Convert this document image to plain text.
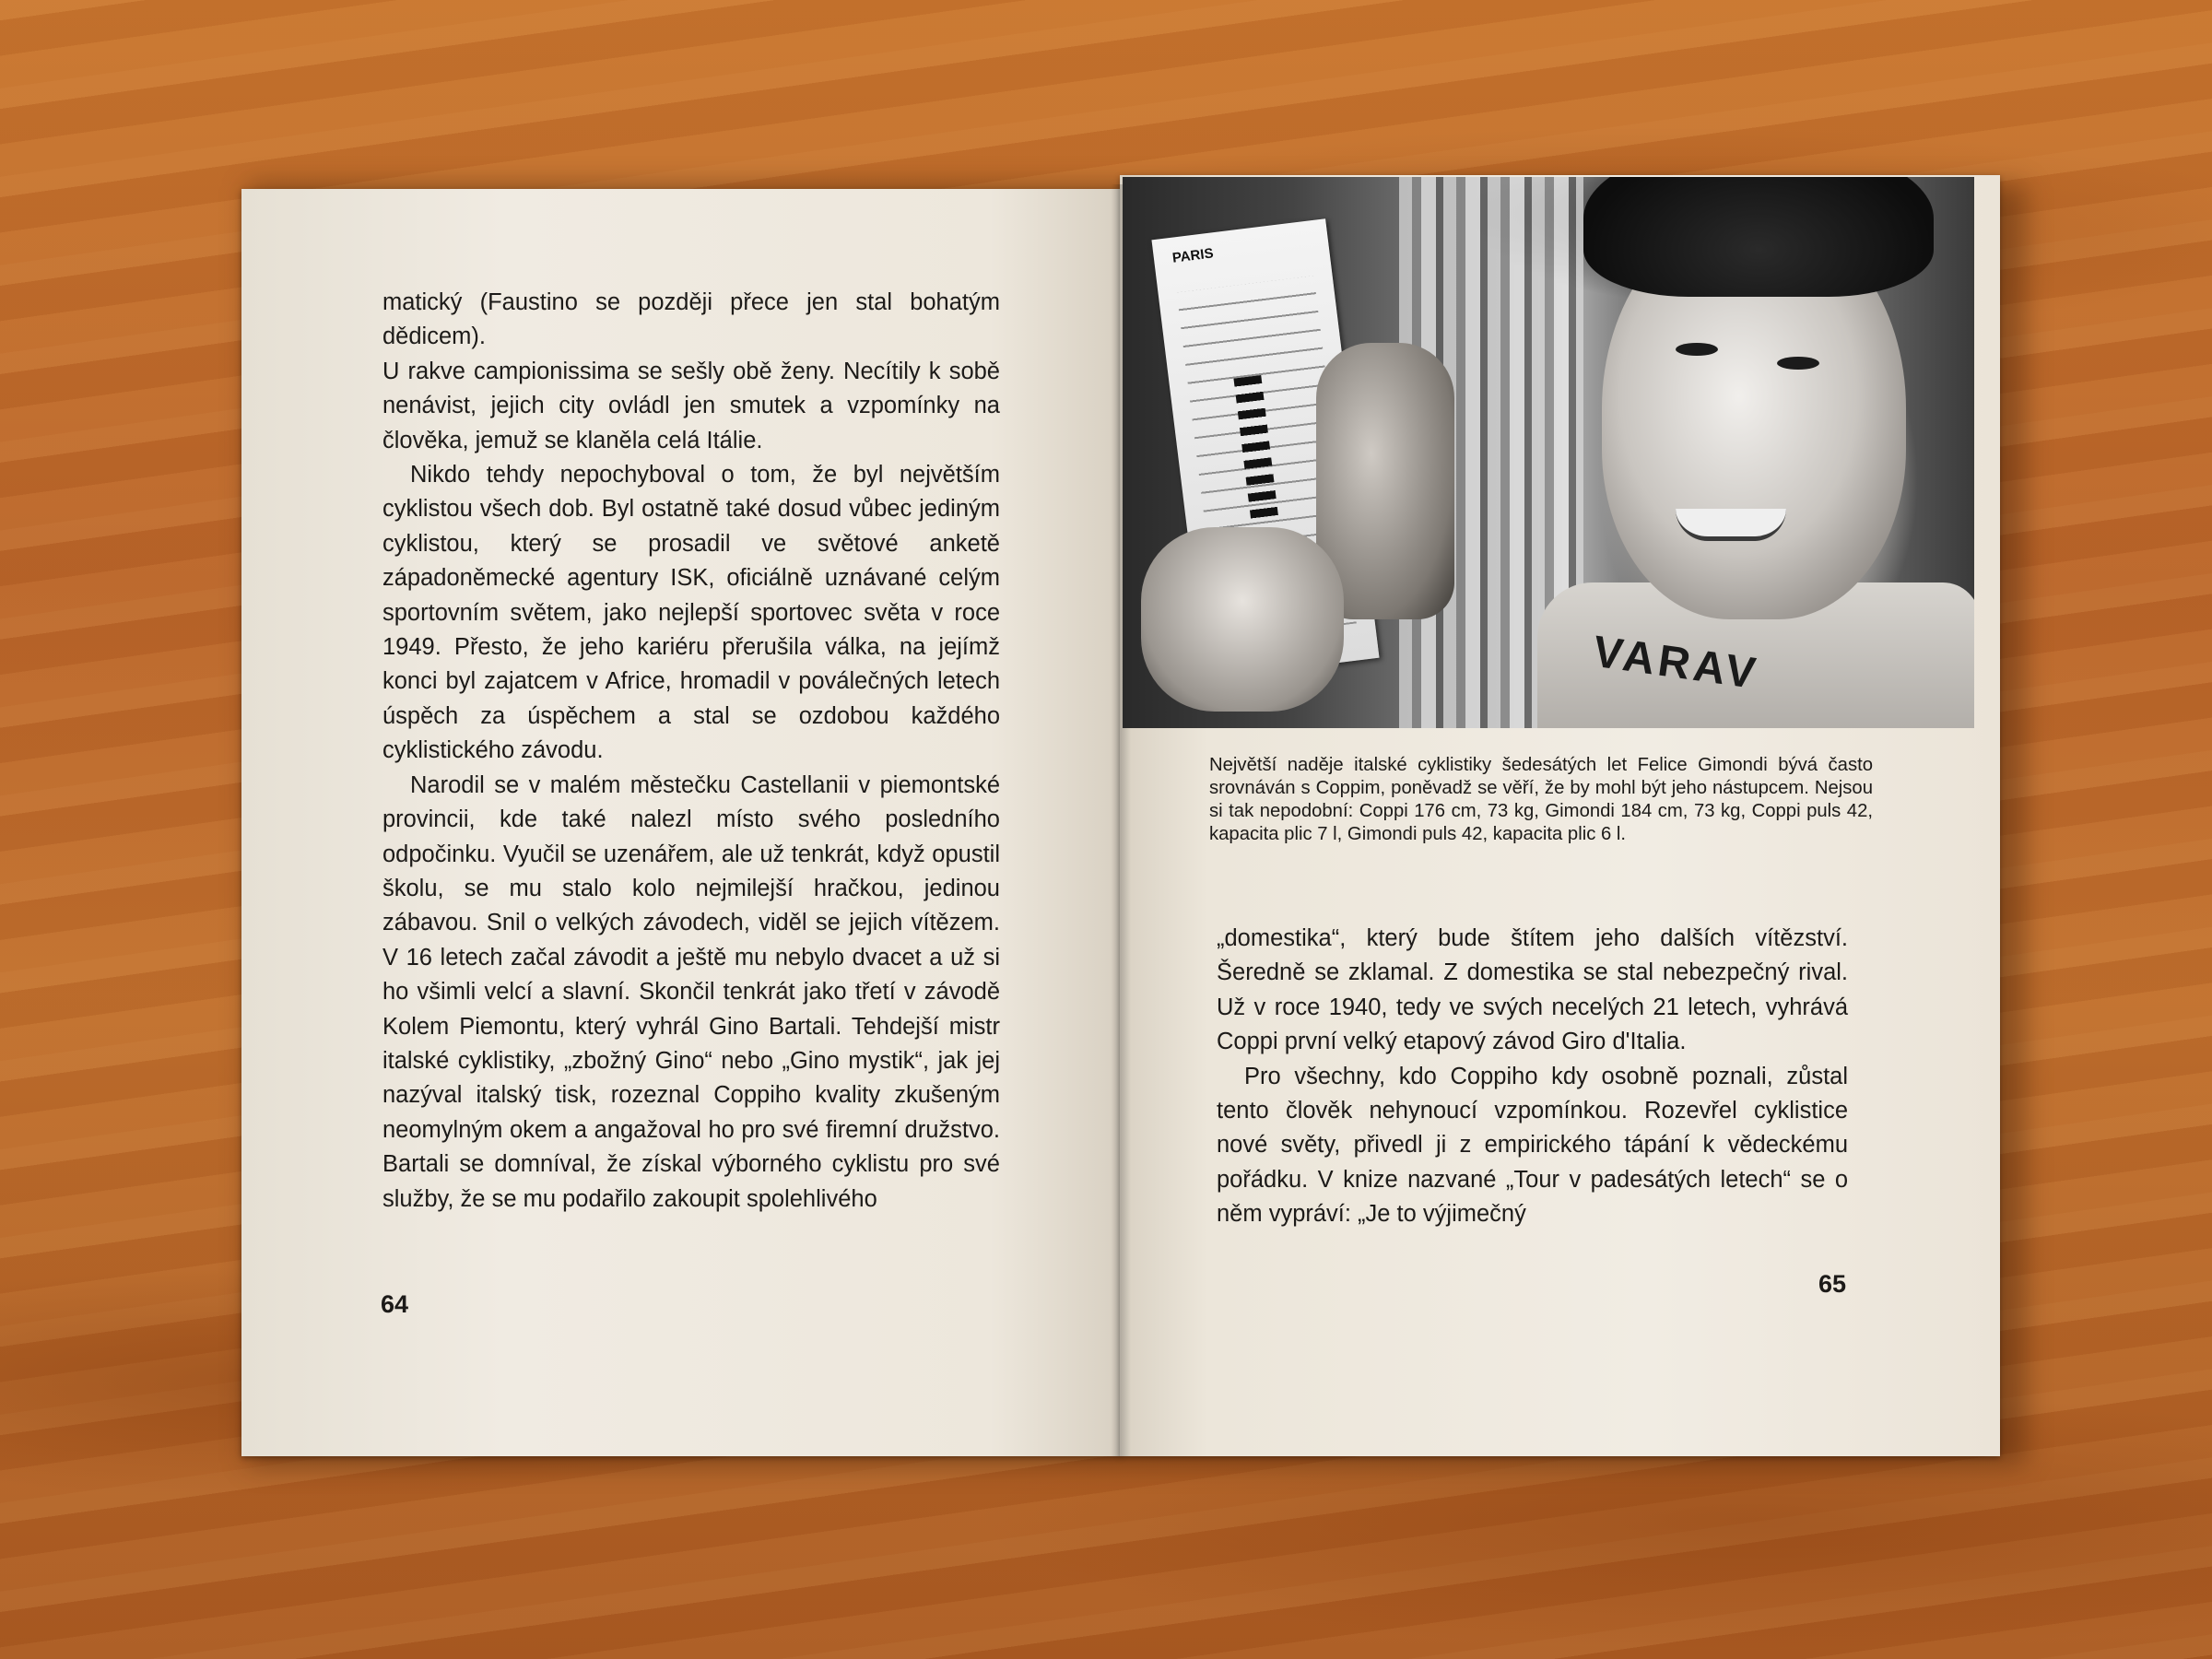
matický (Faustino se později přece jen stal bohatým dědicem).

U rakve campionissima se sešly obě ženy. Necítily k sobě nenávist, jejich city ovládl jen smutek a vzpomínky na člověka, jemuž se klaněla celá Itálie.

Nikdo tehdy nepochyboval o tom, že byl největším cyklistou všech dob. Byl ostatně také dosud vůbec jediným cyklistou, který se prosadil ve světové anketě západoněmecké agentury ISK, oficiálně uznávané celým sportovním světem, jako nejlepší sportovec světa v roce 1949. Přesto, že jeho kariéru přerušila válka, na jejímž konci byl zajatcem v Africe, hromadil v poválečných letech úspěch za úspěchem a stal se ozdobou každého cyklistického závodu.

Narodil se v malém městečku Castellanii v piemontské provincii, kde také nalezl místo svého posledního odpočinku. Vyučil se uzenářem, ale už tenkrát, když opustil školu, se mu stalo kolo nejmilejší hračkou, jedinou zábavou. Snil o velkých závodech, viděl se jejich vítězem. V 16 letech začal závodit a ještě mu nebylo dvacet a už si ho všimli velcí a slavní. Skončil tenkrát jako třetí v závodě Kolem Piemontu, který vyhrál Gino Bartali. Tehdejší mistr italské cyklistiky, „zbožný Gino“ nebo „Gino mystik“, jak jej nazýval italský tisk, rozeznal Coppiho kvality zkušeným neomylným okem a angažoval ho pro své firemní družstvo. Bartali se domníval, že získal výborného cyklistu pro své služby, že se mu podařilo zakoupit spolehlivého

64
PARIS
VARAV

Největší naděje italské cyklistiky šedesátých let Felice Gimondi bývá často srovnáván s Coppim, poněvadž se věří, že by mohl být jeho nástupcem. Nejsou si tak nepodobní: Coppi 176 cm, 73 kg, Gimondi 184 cm, 73 kg, Coppi puls 42, kapacita plic 7 l, Gimondi puls 42, kapacita plic 6 l.

„domestika“, který bude štítem jeho dalších vítězství. Šeredně se zklamal. Z domestika se stal nebezpečný rival. Už v roce 1940, tedy ve svých necelých 21 letech, vyhrává Coppi první velký etapový závod Giro d'Italia.

Pro všechny, kdo Coppiho kdy osobně poznali, zůstal tento člověk nehynoucí vzpomínkou. Rozevřel cyklistice nové světy, přivedl ji z empirického tápání k vědeckému pořádku. V knize nazvané „Tour v padesátých letech“ se o něm vypráví: „Je to výjimečný

65
